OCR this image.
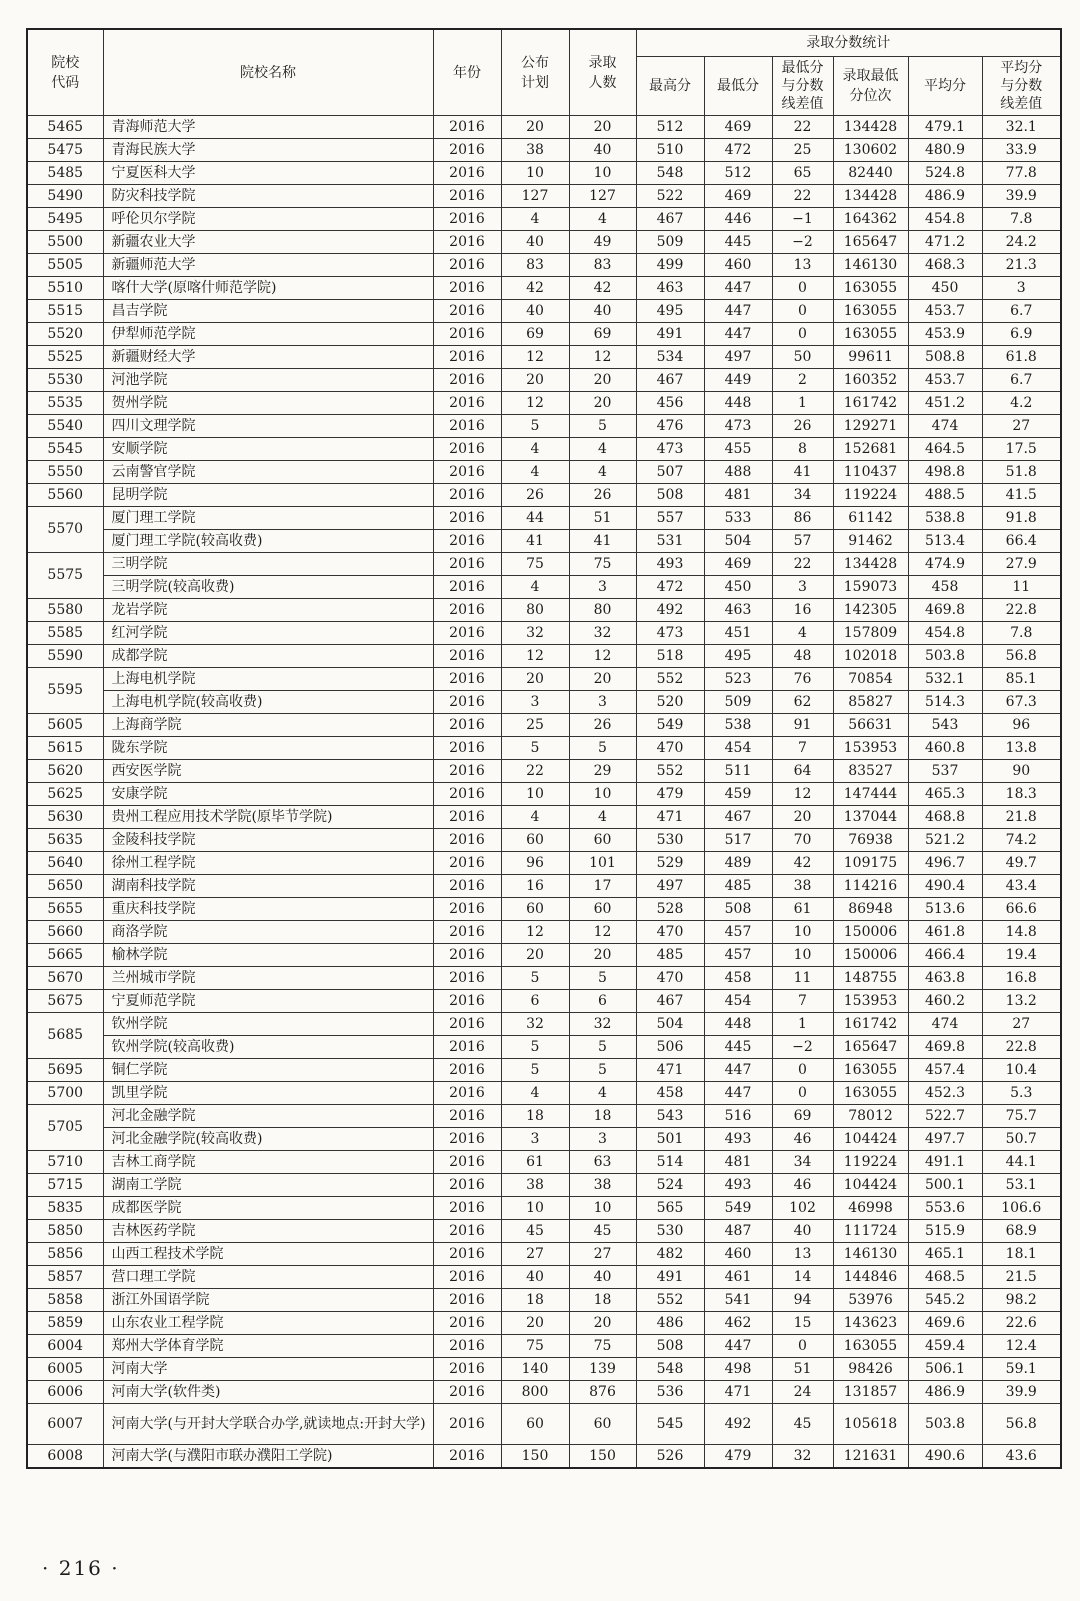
院校代码	院校名称	年份	公布计划	录取人数	录取分数统计					
					最高分	最低分	最低分与分数线差值	录取最低分位次	平均分	平均分与分数线差值

5465	青海师范大学	2016	20	20	512	469	22	134428	479.1	32.1
5475	青海民族大学	2016	38	40	510	472	25	130602	480.9	33.9
5485	宁夏医科大学	2016	10	10	548	512	65	82440	524.8	77.8
5490	防灾科技学院	2016	127	127	522	469	22	134428	486.9	39.9
5495	呼伦贝尔学院	2016	4	4	467	446	−1	164362	454.8	7.8
5500	新疆农业大学	2016	40	49	509	445	−2	165647	471.2	24.2
5505	新疆师范大学	2016	83	83	499	460	13	146130	468.3	21.3
5510	喀什大学(原喀什师范学院)	2016	42	42	463	447	0	163055	450	3
5515	昌吉学院	2016	40	40	495	447	0	163055	453.7	6.7
5520	伊犁师范学院	2016	69	69	491	447	0	163055	453.9	6.9
5525	新疆财经大学	2016	12	12	534	497	50	99611	508.8	61.8
5530	河池学院	2016	20	20	467	449	2	160352	453.7	6.7
5535	贺州学院	2016	12	20	456	448	1	161742	451.2	4.2
5540	四川文理学院	2016	5	5	476	473	26	129271	474	27
5545	安顺学院	2016	4	4	473	455	8	152681	464.5	17.5
5550	云南警官学院	2016	4	4	507	488	41	110437	498.8	51.8
5560	昆明学院	2016	26	26	508	481	34	119224	488.5	41.5
5570	厦门理工学院	2016	44	51	557	533	86	61142	538.8	91.8
	厦门理工学院(较高收费)	2016	41	41	531	504	57	91462	513.4	66.4
5575	三明学院	2016	75	75	493	469	22	134428	474.9	27.9
	三明学院(较高收费)	2016	4	3	472	450	3	159073	458	11
5580	龙岩学院	2016	80	80	492	463	16	142305	469.8	22.8
5585	红河学院	2016	32	32	473	451	4	157809	454.8	7.8
5590	成都学院	2016	12	12	518	495	48	102018	503.8	56.8
5595	上海电机学院	2016	20	20	552	523	76	70854	532.1	85.1
	上海电机学院(较高收费)	2016	3	3	520	509	62	85827	514.3	67.3
5605	上海商学院	2016	25	26	549	538	91	56631	543	96
5615	陇东学院	2016	5	5	470	454	7	153953	460.8	13.8
5620	西安医学院	2016	22	29	552	511	64	83527	537	90
5625	安康学院	2016	10	10	479	459	12	147444	465.3	18.3
5630	贵州工程应用技术学院(原毕节学院)	2016	4	4	471	467	20	137044	468.8	21.8
5635	金陵科技学院	2016	60	60	530	517	70	76938	521.2	74.2
5640	徐州工程学院	2016	96	101	529	489	42	109175	496.7	49.7
5650	湖南科技学院	2016	16	17	497	485	38	114216	490.4	43.4
5655	重庆科技学院	2016	60	60	528	508	61	86948	513.6	66.6
5660	商洛学院	2016	12	12	470	457	10	150006	461.8	14.8
5665	榆林学院	2016	20	20	485	457	10	150006	466.4	19.4
5670	兰州城市学院	2016	5	5	470	458	11	148755	463.8	16.8
5675	宁夏师范学院	2016	6	6	467	454	7	153953	460.2	13.2
5685	钦州学院	2016	32	32	504	448	1	161742	474	27
	钦州学院(较高收费)	2016	5	5	506	445	−2	165647	469.8	22.8
5695	铜仁学院	2016	5	5	471	447	0	163055	457.4	10.4
5700	凯里学院	2016	4	4	458	447	0	163055	452.3	5.3
5705	河北金融学院	2016	18	18	543	516	69	78012	522.7	75.7
	河北金融学院(较高收费)	2016	3	3	501	493	46	104424	497.7	50.7
5710	吉林工商学院	2016	61	63	514	481	34	119224	491.1	44.1
5715	湖南工学院	2016	38	38	524	493	46	104424	500.1	53.1
5835	成都医学院	2016	10	10	565	549	102	46998	553.6	106.6
5850	吉林医药学院	2016	45	45	530	487	40	111724	515.9	68.9
5856	山西工程技术学院	2016	27	27	482	460	13	146130	465.1	18.1
5857	营口理工学院	2016	40	40	491	461	14	144846	468.5	21.5
5858	浙江外国语学院	2016	18	18	552	541	94	53976	545.2	98.2
5859	山东农业工程学院	2016	20	20	486	462	15	143623	469.6	22.6
6004	郑州大学体育学院	2016	75	75	508	447	0	163055	459.4	12.4
6005	河南大学	2016	140	139	548	498	51	98426	506.1	59.1
6006	河南大学(软件类)	2016	800	876	536	471	24	131857	486.9	39.9
6007	河南大学(与开封大学联合办学,就读地点:开封大学)	2016	60	60	545	492	45	105618	503.8	56.8
6008	河南大学(与濮阳市联办濮阳工学院)	2016	150	150	526	479	32	121631	490.6	43.6
· 216 ·
